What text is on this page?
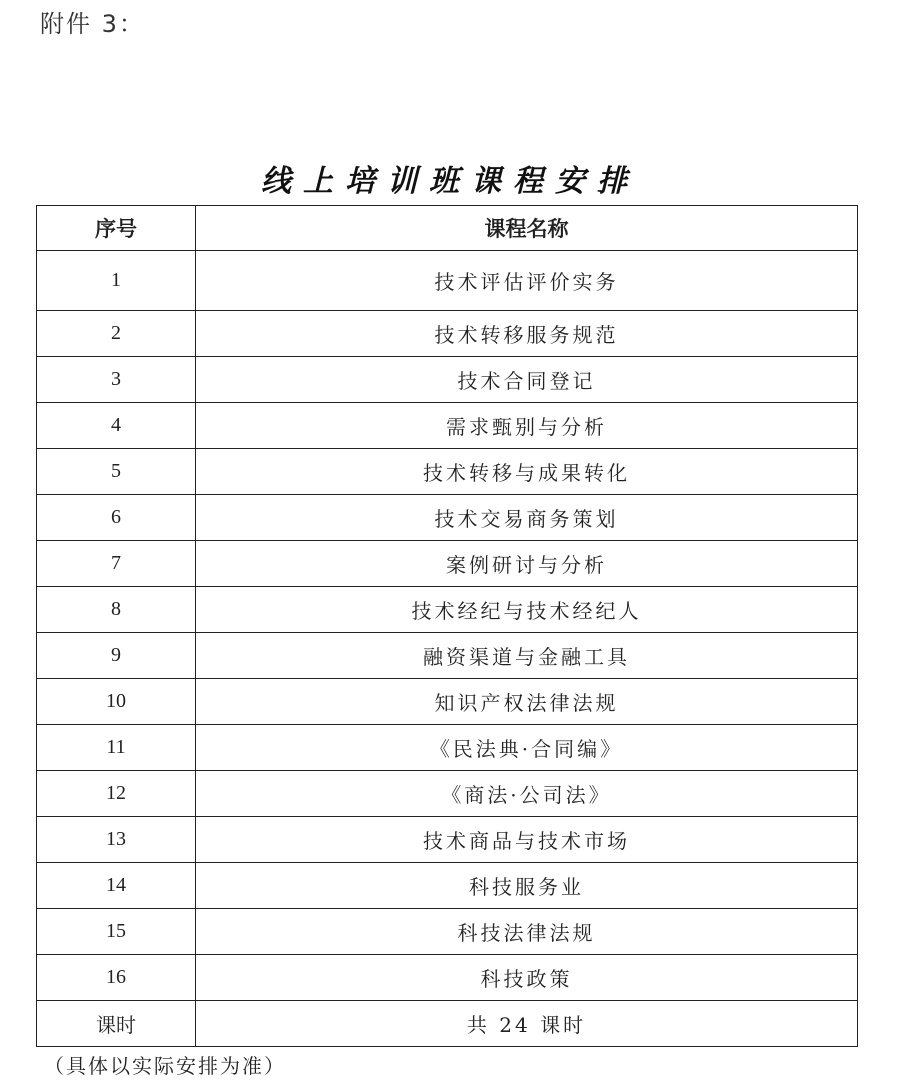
附件 3：
线上培训班课程安排
序号	课程名称
1	技术评估评价实务
2	技术转移服务规范
3	技术合同登记
4	需求甄别与分析
5	技术转移与成果转化
6	技术交易商务策划
7	案例研讨与分析
8	技术经纪与技术经纪人
9	融资渠道与金融工具
10	知识产权法律法规
11	《民法典·合同编》
12	《商法·公司法》
13	技术商品与技术市场
14	科技服务业
15	科技法律法规
16	科技政策
课时	共 24 课时
（具体以实际安排为准）
